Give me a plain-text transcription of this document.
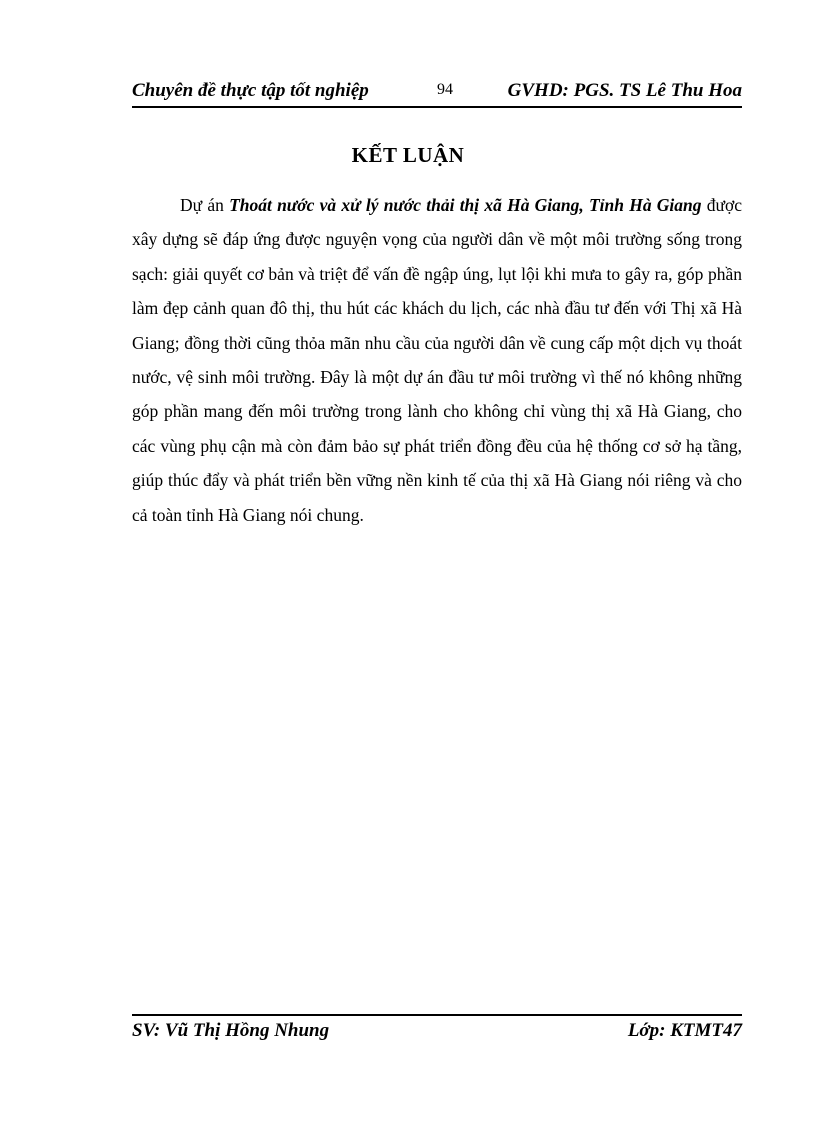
Chuyên đề thực tập tốt nghiệp	94	GVHD: PGS. TS Lê Thu Hoa
KẾT LUẬN

Dự án Thoát nước và xử lý nước thải thị xã Hà Giang, Tỉnh Hà Giang được xây dựng sẽ đáp ứng được nguyện vọng của người dân về một môi trường sống trong sạch: giải quyết cơ bản và triệt để vấn đề ngập úng, lụt lội khi mưa to gây ra, góp phần làm đẹp cảnh quan đô thị, thu hút các khách du lịch, các nhà đầu tư đến với Thị xã Hà Giang; đồng thời cũng thỏa mãn nhu cầu của người dân về cung cấp một dịch vụ thoát nước, vệ sinh môi trường. Đây là một dự án đầu tư môi trường vì thế nó không những góp phần mang đến môi trường trong lành cho không chỉ vùng thị xã Hà Giang, cho các vùng phụ cận mà còn đảm bảo sự phát triển đồng đều của hệ thống cơ sở hạ tầng, giúp thúc đẩy và phát triển bền vững nền kinh tế của thị xã Hà Giang nói riêng và cho cả toàn tỉnh Hà Giang nói chung.

SV: Vũ Thị Hồng Nhung	Lớp: KTMT47
